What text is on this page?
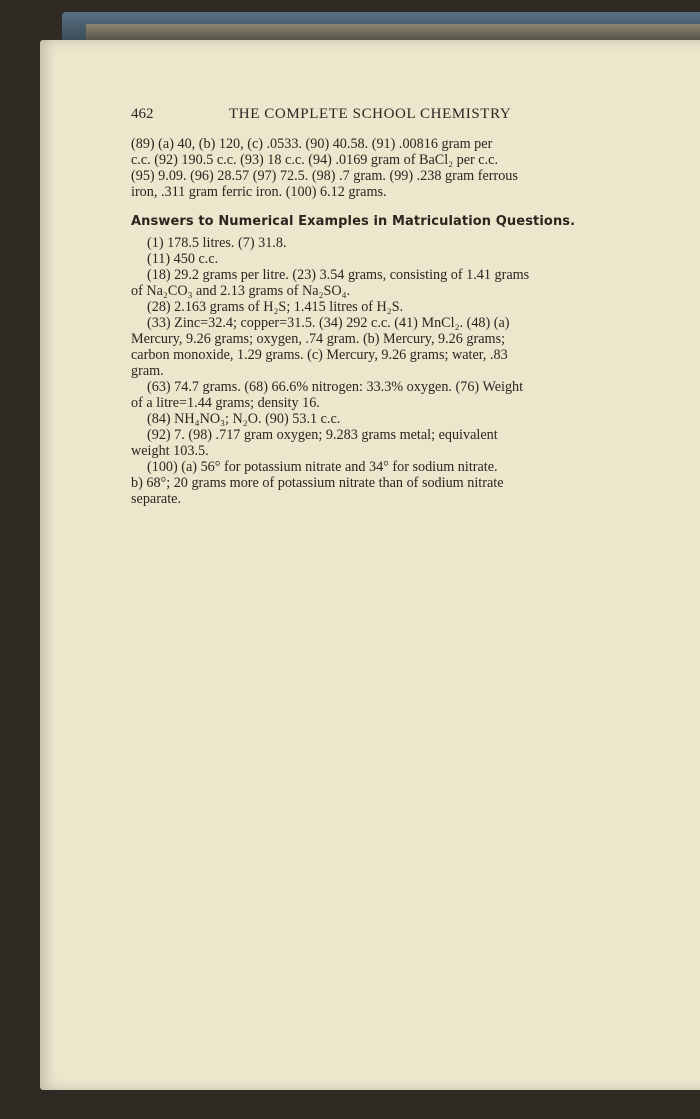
462	THE COMPLETE SCHOOL CHEMISTRY
(89) (a) 40, (b) 120, (c) .0533. (90) 40.58. (91) .00816 gram per
c.c. (92) 190.5 c.c. (93) 18 c.c. (94) .0169 gram of BaCl₂ per c.c.
(95) 9.09. (96) 28.57 (97) 72.5. (98) .7 gram. (99) .238 gram ferrous
iron, .311 gram ferric iron. (100) 6.12 grams.
Answers to Numerical Examples in Matriculation Questions.
(1) 178.5 litres. (7) 31.8.
(11) 450 c.c.
(18) 29.2 grams per litre. (23) 3.54 grams, consisting of 1.41 grams
of Na₂CO₃ and 2.13 grams of Na₂SO₄.
(28) 2.163 grams of H₂S; 1.415 litres of H₂S.
(33) Zinc=32.4; copper=31.5. (34) 292 c.c. (41) MnCl₂. (48) (a)
Mercury, 9.26 grams; oxygen, .74 gram. (b) Mercury, 9.26 grams;
carbon monoxide, 1.29 grams. (c) Mercury, 9.26 grams; water, .83
gram.
(63) 74.7 grams. (68) 66.6% nitrogen: 33.3% oxygen. (76) Weight
of a litre=1.44 grams; density 16.
(84) NH₄NO₃; N₂O. (90) 53.1 c.c.
(92) 7. (98) .717 gram oxygen; 9.283 grams metal; equivalent
weight 103.5.
(100) (a) 56° for potassium nitrate and 34° for sodium nitrate.
b) 68°; 20 grams more of potassium nitrate than of sodium nitrate
separate.
